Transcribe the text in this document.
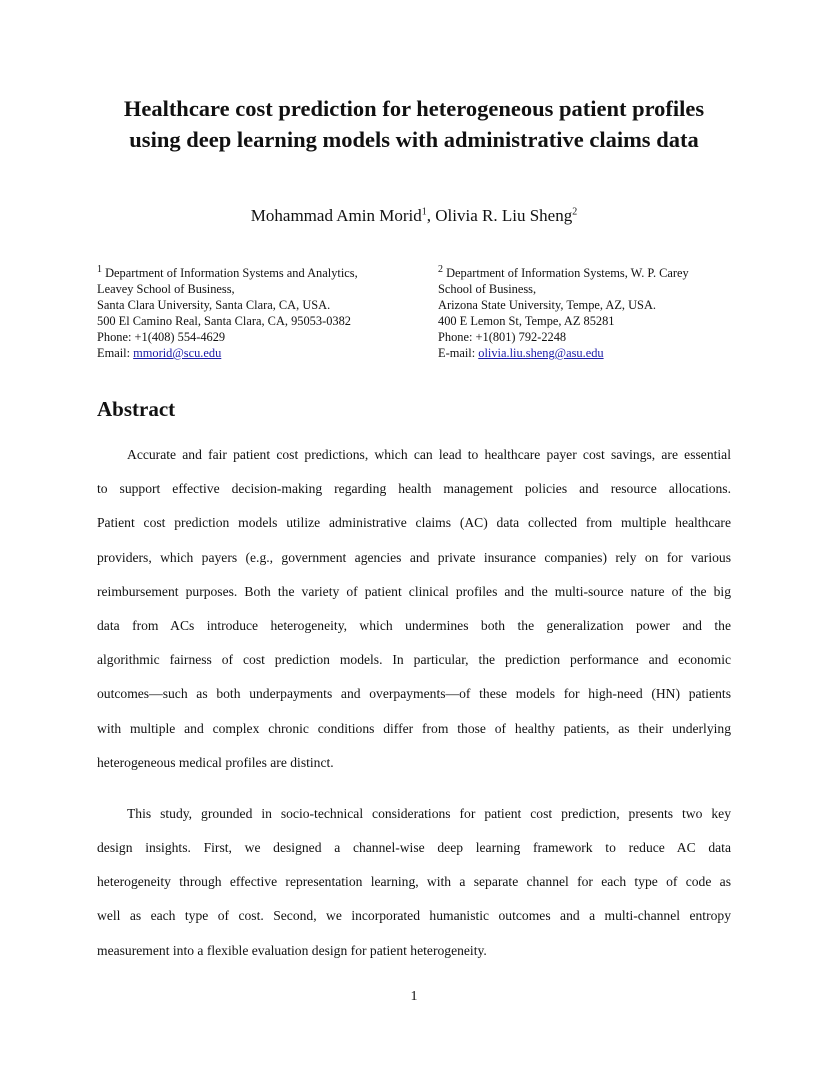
Healthcare cost prediction for heterogeneous patient profiles
using deep learning models with administrative claims data
Mohammad Amin Morid$^1$, Olivia R. Liu Sheng$^2$
$^1$ Department of Information Systems and Analytics,
Leavey School of Business,
Santa Clara University, Santa Clara, CA, USA.
500 El Camino Real, Santa Clara, CA, 95053-0382
Phone: +1(408) 554-4629
Email: mmorid@scu.edu
$^2$ Department of Information Systems, W. P. Carey
School of Business,
Arizona State University, Tempe, AZ, USA.
400 E Lemon St, Tempe, AZ 85281
Phone: +1(801) 792-2248
E-mail: olivia.liu.sheng@asu.edu
Abstract

Accurate and fair patient cost predictions, which can lead to healthcare payer cost savings, are essential
to support effective decision-making regarding health management policies and resource allocations.
Patient cost prediction models utilize administrative claims (AC) data collected from multiple healthcare
providers, which payers (e.g., government agencies and private insurance companies) rely on for various
reimbursement purposes. Both the variety of patient clinical profiles and the multi-source nature of the big
data from ACs introduce heterogeneity, which undermines both the generalization power and the
algorithmic fairness of cost prediction models. In particular, the prediction performance and economic
outcomes—such as both underpayments and overpayments—of these models for high-need (HN) patients
with multiple and complex chronic conditions differ from those of healthy patients, as their underlying
heterogeneous medical profiles are distinct.

This study, grounded in socio-technical considerations for patient cost prediction, presents two key
design insights. First, we designed a channel-wise deep learning framework to reduce AC data
heterogeneity through effective representation learning, with a separate channel for each type of code as
well as each type of cost. Second, we incorporated humanistic outcomes and a multi-channel entropy
measurement into a flexible evaluation design for patient heterogeneity.

1
